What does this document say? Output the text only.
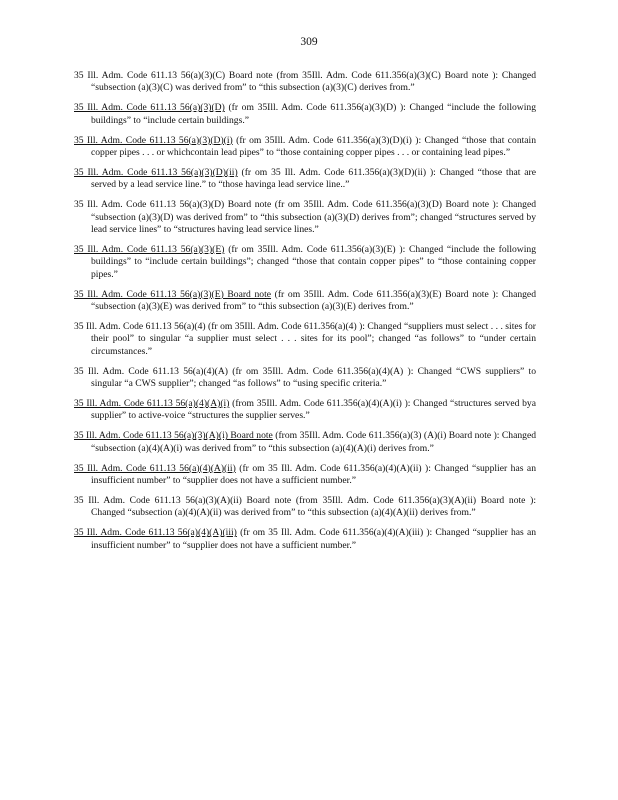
309

35 Ill. Adm. Code 611.13 56(a)(3)(C) Board note (from 35Ill. Adm. Code 611.356(a)(3)(C) Board note ): Changed “subsection (a)(3)(C) was derived from” to “this subsection (a)(3)(C) derives from.”

35 Ill. Adm. Code 611.13 56(a)(3)(D) (fr om 35Ill. Adm. Code 611.356(a)(3)(D) ): Changed “include the following buildings” to “include certain buildings.”

35 Ill. Adm. Code 611.13 56(a)(3)(D)(i) (fr om 35Ill. Adm. Code 611.356(a)(3)(D)(i) ): Changed “those that contain copper pipes . . . or whichcontain lead pipes” to “those containing copper pipes . . . or containing lead pipes.”

35 Ill. Adm. Code 611.13 56(a)(3)(D)(ii) (fr om 35 Ill. Adm. Code 611.356(a)(3)(D)(ii) ): Changed “those that are served by a lead service line.” to “those havinga lead service line..”

35 Ill. Adm. Code 611.13 56(a)(3)(D) Board note (fr om 35Ill. Adm. Code 611.356(a)(3)(D) Board note ): Changed “subsection (a)(3)(D) was derived from” to “this subsection (a)(3)(D) derives from”; changed “structures served by lead service lines” to “structures having lead service lines.”

35 Ill. Adm. Code 611.13 56(a)(3)(E) (fr om 35Ill. Adm. Code 611.356(a)(3)(E) ): Changed “include the following buildings” to “include certain buildings”; changed “those that contain copper pipes” to “those containing copper pipes.”

35 Ill. Adm. Code 611.13 56(a)(3)(E) Board note (fr om 35Ill. Adm. Code 611.356(a)(3)(E) Board note ): Changed “subsection (a)(3)(E) was derived from” to “this subsection (a)(3)(E) derives from.”

35 Ill. Adm. Code 611.13 56(a)(4) (fr om 35Ill. Adm. Code 611.356(a)(4) ): Changed “suppliers must select . . . sites for their pool” to singular “a supplier must select . . . sites for its pool”; changed “as follows” to “under certain circumstances.”

35 Ill. Adm. Code 611.13 56(a)(4)(A) (fr om 35Ill. Adm. Code 611.356(a)(4)(A) ): Changed “CWS suppliers” to singular “a CWS supplier”; changed “as follows” to “using specific criteria.”

35 Ill. Adm. Code 611.13 56(a)(4)(A)(i) (from 35Ill. Adm. Code 611.356(a)(4)(A)(i) ): Changed “structures served bya supplier” to active-voice “structures the supplier serves.”

35 Ill. Adm. Code 611.13 56(a)(3)(A)(i) Board note (from 35Ill. Adm. Code 611.356(a)(3) (A)(i) Board note ): Changed “subsection (a)(4)(A)(i) was derived from” to “this subsection (a)(4)(A)(i) derives from.”

35 Ill. Adm. Code 611.13 56(a)(4)(A)(ii) (fr om 35 Ill. Adm. Code 611.356(a)(4)(A)(ii) ): Changed “supplier has an insufficient number” to “supplier does not have a sufficient number.”

35 Ill. Adm. Code 611.13 56(a)(3)(A)(ii) Board note (from 35Ill. Adm. Code 611.356(a)(3)(A)(ii) Board note ): Changed “subsection (a)(4)(A)(ii) was derived from” to “this subsection (a)(4)(A)(ii) derives from.”

35 Ill. Adm. Code 611.13 56(a)(4)(A)(iii) (fr om 35 Ill. Adm. Code 611.356(a)(4)(A)(iii) ): Changed “supplier has an insufficient number” to “supplier does not have a sufficient number.”
